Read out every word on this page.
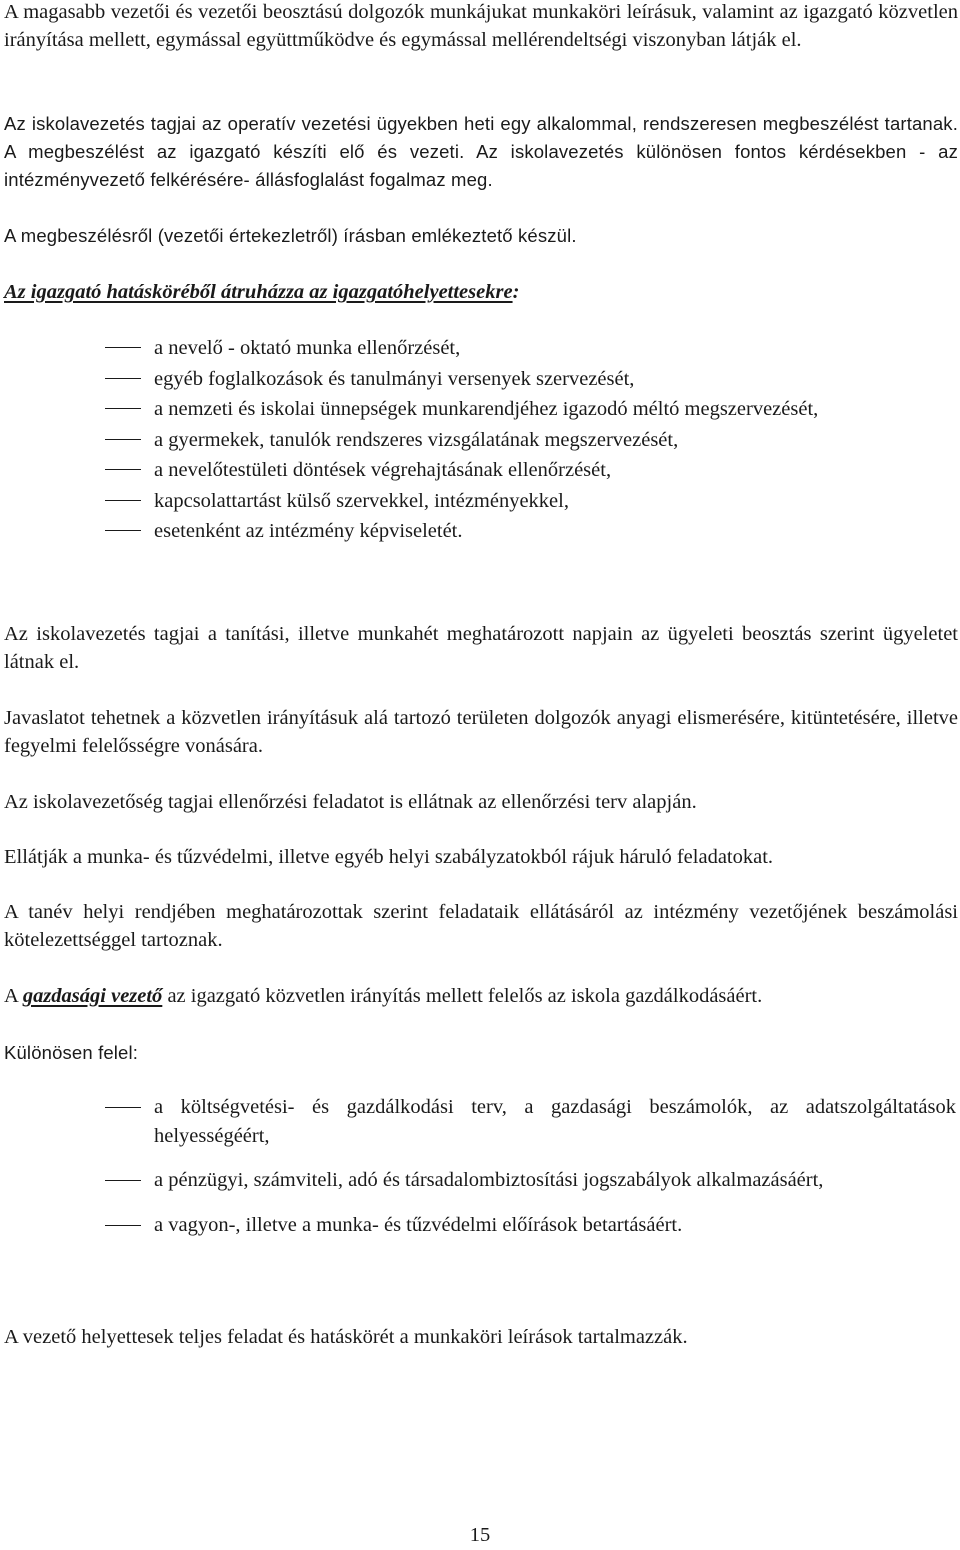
A magasabb vezetői és vezetői beosztású dolgozók munkájukat munkaköri leírásuk, valamint az igazgató közvetlen irányítása mellett, egymással együttműködve és egymással mellérendeltségi viszonyban látják el.

Az iskolavezetés tagjai az operatív vezetési ügyekben heti egy alkalommal, rendszeresen megbeszélést tartanak. A megbeszélést az igazgató készíti elő és vezeti. Az iskolavezetés különösen fontos kérdésekben - az intézményvezető felkérésére- állásfoglalást fogalmaz meg.

A megbeszélésről (vezetői értekezletről) írásban emlékeztető készül.

Az igazgató hatásköréből átruházza az igazgatóhelyettesekre:

a nevelő - oktató munka ellenőrzését,
egyéb foglalkozások és tanulmányi versenyek szervezését,
a nemzeti és iskolai ünnepségek munkarendjéhez igazodó méltó megszervezését,
a gyermekek, tanulók rendszeres vizsgálatának megszervezését,
a nevelőtestületi döntések végrehajtásának ellenőrzését,
kapcsolattartást külső szervekkel, intézményekkel,
esetenként az intézmény képviseletét.

Az iskolavezetés tagjai a tanítási, illetve munkahét meghatározott napjain az ügyeleti beosztás szerint ügyeletet látnak el.

Javaslatot tehetnek a közvetlen irányításuk alá tartozó területen dolgozók anyagi elismerésére, kitüntetésére, illetve fegyelmi felelősségre vonására.

Az iskolavezetőség tagjai ellenőrzési feladatot is ellátnak az ellenőrzési terv alapján.

Ellátják a munka- és tűzvédelmi, illetve egyéb helyi szabályzatokból rájuk háruló feladatokat.

A tanév helyi rendjében meghatározottak szerint feladataik ellátásáról az intézmény vezetőjének beszámolási kötelezettséggel tartoznak.

A gazdasági vezető az igazgató közvetlen irányítás mellett felelős az iskola gazdálkodásáért.

Különösen felel:

a költségvetési- és gazdálkodási terv, a gazdasági beszámolók, az adatszolgáltatások helyességéért,
a pénzügyi, számviteli, adó és társadalombiztosítási jogszabályok alkalmazásáért,
a vagyon-, illetve a munka- és tűzvédelmi előírások betartásáért.

A vezető helyettesek teljes feladat és hatáskörét a munkaköri leírások tartalmazzák.

15
